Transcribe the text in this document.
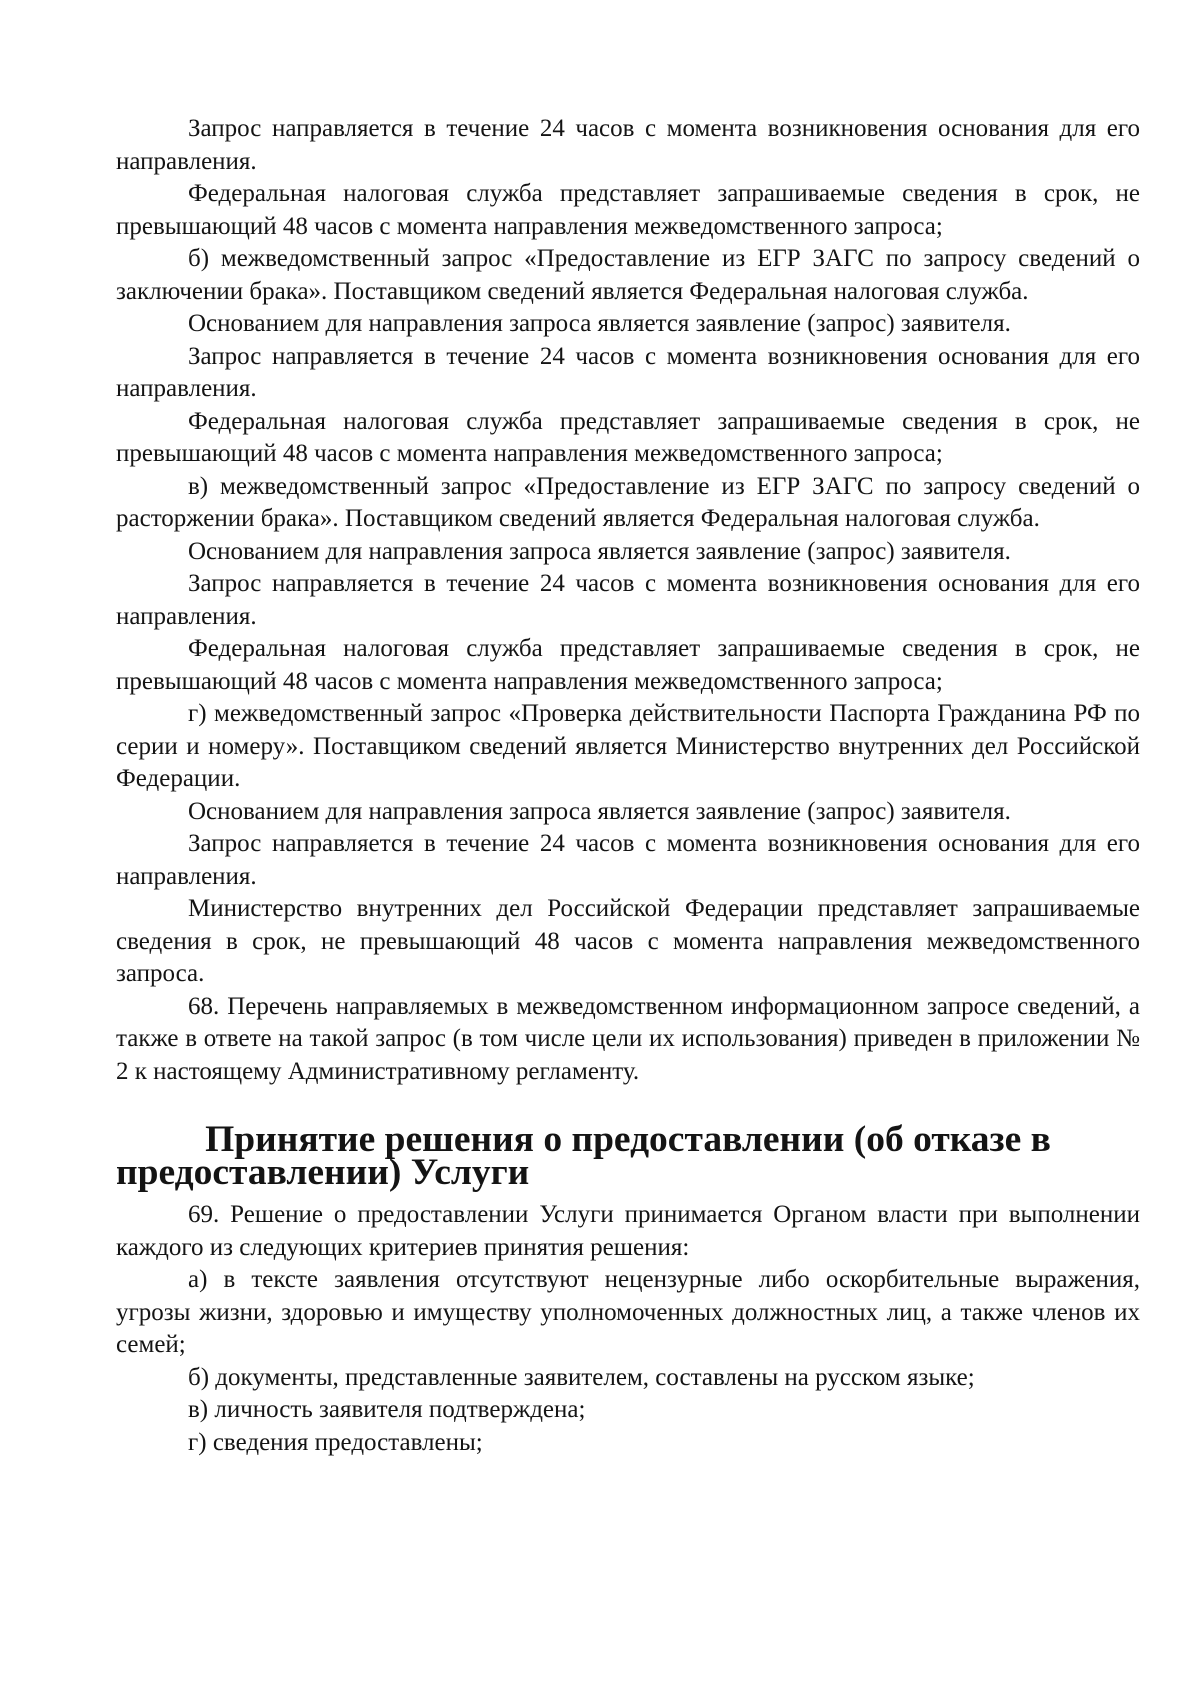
Запрос направляется в течение 24 часов с момента возникновения основания для его направления.

Федеральная налоговая служба представляет запрашиваемые сведения в срок, не превышающий 48 часов с момента направления межведомственного запроса;

б) межведомственный запрос «Предоставление из ЕГР ЗАГС по запросу сведений о заключении брака». Поставщиком сведений является Федеральная налоговая служба.

Основанием для направления запроса является заявление (запрос) заявителя.

Запрос направляется в течение 24 часов с момента возникновения основания для его направления.

Федеральная налоговая служба представляет запрашиваемые сведения в срок, не превышающий 48 часов с момента направления межведомственного запроса;

в) межведомственный запрос «Предоставление из ЕГР ЗАГС по запросу сведений о расторжении брака». Поставщиком сведений является Федеральная налоговая служба.

Основанием для направления запроса является заявление (запрос) заявителя.

Запрос направляется в течение 24 часов с момента возникновения основания для его направления.

Федеральная налоговая служба представляет запрашиваемые сведения в срок, не превышающий 48 часов с момента направления межведомственного запроса;

г) межведомственный запрос «Проверка действительности Паспорта Гражданина РФ по серии и номеру». Поставщиком сведений является Министерство внутренних дел Российской Федерации.

Основанием для направления запроса является заявление (запрос) заявителя.

Запрос направляется в течение 24 часов с момента возникновения основания для его направления.

Министерство внутренних дел Российской Федерации представляет запрашиваемые сведения в срок, не превышающий 48 часов с момента направления межведомственного запроса.

68. Перечень направляемых в межведомственном информационном запросе сведений, а также в ответе на такой запрос (в том числе цели их использования) приведен в приложении № 2 к настоящему Административному регламенту.

Принятие решения о предоставлении (об отказе в предоставлении) Услуги

69. Решение о предоставлении Услуги принимается Органом власти при выполнении каждого из следующих критериев принятия решения:

а) в тексте заявления отсутствуют нецензурные либо оскорбительные выражения, угрозы жизни, здоровью и имуществу уполномоченных должностных лиц, а также членов их семей;

б) документы, представленные заявителем, составлены на русском языке;

в) личность заявителя подтверждена;

г) сведения предоставлены;
